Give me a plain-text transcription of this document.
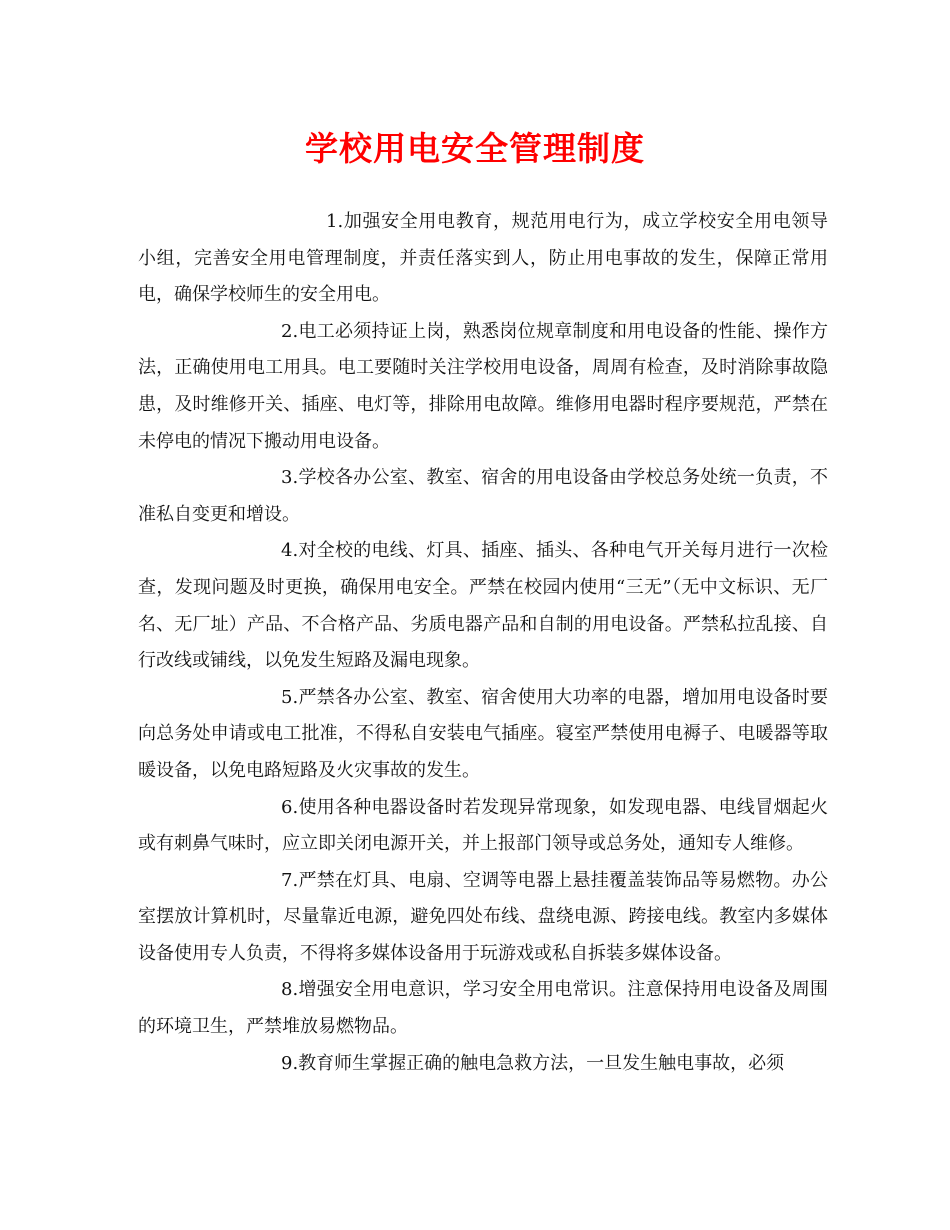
学校用电安全管理制度

1.加强安全用电教育，规范用电行为，成立学校安全用电领导小组，完善安全用电管理制度，并责任落实到人，防止用电事故的发生，保障正常用电，确保学校师生的安全用电。

2.电工必须持证上岗，熟悉岗位规章制度和用电设备的性能、操作方法，正确使用电工用具。电工要随时关注学校用电设备，周周有检查，及时消除事故隐患，及时维修开关、插座、电灯等，排除用电故障。维修用电器时程序要规范，严禁在未停电的情况下搬动用电设备。

3.学校各办公室、教室、宿舍的用电设备由学校总务处统一负责，不准私自变更和增设。

4.对全校的电线、灯具、插座、插头、各种电气开关每月进行一次检查，发现问题及时更换，确保用电安全。严禁在校园内使用“三无”（无中文标识、无厂名、无厂址）产品、不合格产品、劣质电器产品和自制的用电设备。严禁私拉乱接、自行改线或铺线，以免发生短路及漏电现象。

5.严禁各办公室、教室、宿舍使用大功率的电器，增加用电设备时要向总务处申请或电工批准，不得私自安装电气插座。寝室严禁使用电褥子、电暖器等取暖设备，以免电路短路及火灾事故的发生。

6.使用各种电器设备时若发现异常现象，如发现电器、电线冒烟起火或有刺鼻气味时，应立即关闭电源开关，并上报部门领导或总务处，通知专人维修。

7.严禁在灯具、电扇、空调等电器上悬挂覆盖装饰品等易燃物。办公室摆放计算机时，尽量靠近电源，避免四处布线、盘绕电源、跨接电线。教室内多媒体设备使用专人负责，不得将多媒体设备用于玩游戏或私自拆装多媒体设备。

8.增强安全用电意识，学习安全用电常识。注意保持用电设备及周围的环境卫生，严禁堆放易燃物品。

9.教育师生掌握正确的触电急救方法，一旦发生触电事故，必须
